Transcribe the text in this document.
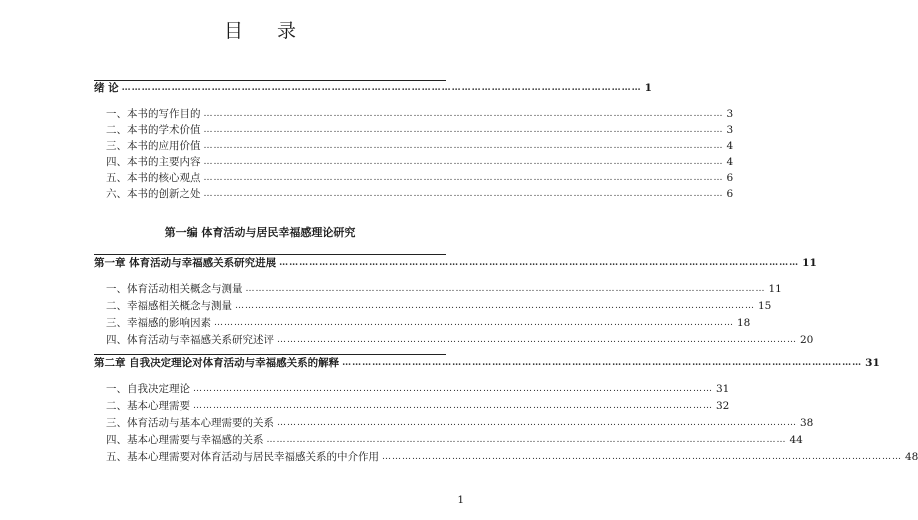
目 录
绪 论 ………………………………………………………………………………………………………………………………………… 1
一、本书的写作目的 ………………………………………………………………………………………………………………………………………… 3
二、本书的学术价值 ………………………………………………………………………………………………………………………………………… 3
三、本书的应用价值 ………………………………………………………………………………………………………………………………………… 4
四、本书的主要内容 ………………………………………………………………………………………………………………………………………… 4
五、本书的核心观点 ………………………………………………………………………………………………………………………………………… 6
六、本书的创新之处 ………………………………………………………………………………………………………………………………………… 6
第一编 体育活动与居民幸福感理论研究
第一章 体育活动与幸福感关系研究进展 ………………………………………………………………………………………………………………………………………… 11
一、体育活动相关概念与测量 ………………………………………………………………………………………………………………………………………… 11
二、幸福感相关概念与测量 ………………………………………………………………………………………………………………………………………… 15
三、幸福感的影响因素 ………………………………………………………………………………………………………………………………………… 18
四、体育活动与幸福感关系研究述评 ………………………………………………………………………………………………………………………………………… 20
第二章 自我决定理论对体育活动与幸福感关系的解释 ………………………………………………………………………………………………………………………………………… 31
一、自我决定理论 ………………………………………………………………………………………………………………………………………… 31
二、基本心理需要 ………………………………………………………………………………………………………………………………………… 32
三、体育活动与基本心理需要的关系 ………………………………………………………………………………………………………………………………………… 38
四、基本心理需要与幸福感的关系 ………………………………………………………………………………………………………………………………………… 44
五、基本心理需要对体育活动与居民幸福感关系的中介作用 ………………………………………………………………………………………………………………………………………… 48
1
